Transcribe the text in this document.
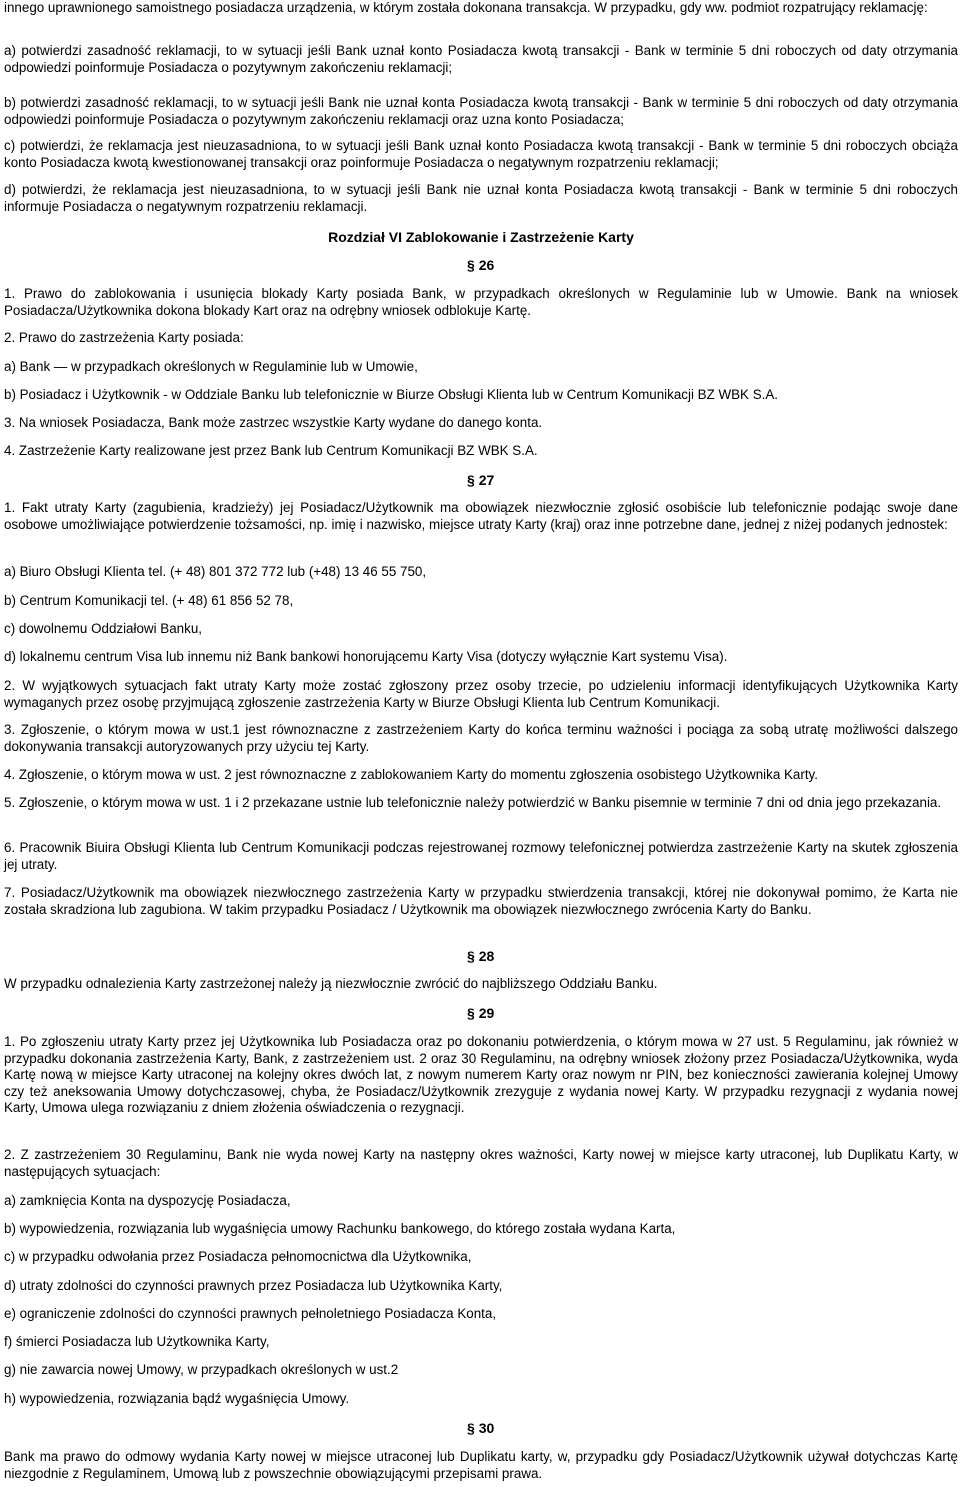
innego uprawnionego samoistnego posiadacza urządzenia, w którym została dokonana transakcja. W przypadku, gdy ww. podmiot rozpatrujący reklamację:

a) potwierdzi zasadność reklamacji, to w sytuacji jeśli Bank uznał konto Posiadacza kwotą transakcji - Bank w terminie 5 dni roboczych od daty otrzymania odpowiedzi poinformuje Posiadacza o pozytywnym zakończeniu reklamacji;

b) potwierdzi zasadność reklamacji, to w sytuacji jeśli Bank nie uznał konta Posiadacza kwotą transakcji - Bank w terminie 5 dni roboczych od daty otrzymania odpowiedzi poinformuje Posiadacza o pozytywnym zakończeniu reklamacji oraz uzna konto Posiadacza;

c) potwierdzi, że reklamacja jest nieuzasadniona, to w sytuacji jeśli Bank uznał konto Posiadacza kwotą transakcji - Bank w terminie 5 dni roboczych obciąża konto Posiadacza kwotą kwestionowanej transakcji oraz poinformuje Posiadacza o negatywnym rozpatrzeniu reklamacji;

d) potwierdzi, że reklamacja jest nieuzasadniona, to w sytuacji jeśli Bank nie uznał konta Posiadacza kwotą transakcji - Bank w terminie 5 dni roboczych informuje Posiadacza o negatywnym rozpatrzeniu reklamacji.

Rozdział VI Zablokowanie i Zastrzeżenie Karty
§ 26

1. Prawo do zablokowania i usunięcia blokady Karty posiada Bank, w przypadkach określonych w Regulaminie lub w Umowie. Bank na wniosek Posiadacza/Użytkownika dokona blokady Kart oraz na odrębny wniosek odblokuje Kartę.

2. Prawo do zastrzeżenia Karty posiada:

a) Bank — w przypadkach określonych w Regulaminie lub w Umowie,

b) Posiadacz i Użytkownik - w Oddziale Banku lub telefonicznie w Biurze Obsługi Klienta lub w Centrum Komunikacji BZ WBK S.A.

3. Na wniosek Posiadacza, Bank może zastrzec wszystkie Karty wydane do danego konta.

4. Zastrzeżenie Karty realizowane jest przez Bank lub Centrum Komunikacji BZ WBK S.A.

§ 27

1. Fakt utraty Karty (zagubienia, kradzieży) jej Posiadacz/Użytkownik ma obowiązek niezwłocznie zgłosić osobiście lub telefonicznie podając swoje dane osobowe umożliwiające potwierdzenie tożsamości, np. imię i nazwisko, miejsce utraty Karty (kraj) oraz inne potrzebne dane, jednej z niżej podanych jednostek:

a) Biuro Obsługi Klienta tel. (+ 48) 801 372 772 lub (+48) 13 46 55 750,

b) Centrum Komunikacji tel. (+ 48) 61 856 52 78,

c) dowolnemu Oddziałowi Banku,

d) lokalnemu centrum Visa lub innemu niż Bank bankowi honorującemu Karty Visa (dotyczy wyłącznie Kart systemu Visa).

2. W wyjątkowych sytuacjach fakt utraty Karty może zostać zgłoszony przez osoby trzecie, po udzieleniu informacji identyfikujących Użytkownika Karty wymaganych przez osobę przyjmującą zgłoszenie zastrzeżenia Karty w Biurze Obsługi Klienta lub Centrum Komunikacji.

3. Zgłoszenie, o którym mowa w ust.1 jest równoznaczne z zastrzeżeniem Karty do końca terminu ważności i pociąga za sobą utratę możliwości dalszego dokonywania transakcji autoryzowanych przy użyciu tej Karty.

4. Zgłoszenie, o którym mowa w ust. 2 jest równoznaczne z zablokowaniem Karty do momentu zgłoszenia osobistego Użytkownika Karty.

5. Zgłoszenie, o którym mowa w ust. 1 i 2 przekazane ustnie lub telefonicznie należy potwierdzić w Banku pisemnie w terminie 7 dni od dnia jego przekazania.

6. Pracownik Biuira Obsługi Klienta lub Centrum Komunikacji podczas rejestrowanej rozmowy telefonicznej potwierdza zastrzeżenie Karty na skutek zgłoszenia jej utraty.

7. Posiadacz/Użytkownik ma obowiązek niezwłocznego zastrzeżenia Karty w przypadku stwierdzenia transakcji, której nie dokonywał pomimo, że Karta nie została skradziona lub zagubiona. W takim przypadku Posiadacz / Użytkownik ma obowiązek niezwłocznego zwrócenia Karty do Banku.

§ 28

W przypadku odnalezienia Karty zastrzeżonej należy ją niezwłocznie zwrócić do najbliższego Oddziału Banku.

§ 29

1. Po zgłoszeniu utraty Karty przez jej Użytkownika lub Posiadacza oraz po dokonaniu potwierdzenia, o którym mowa w 27 ust. 5 Regulaminu, jak również w przypadku dokonania zastrzeżenia Karty, Bank, z zastrzeżeniem ust. 2 oraz 30 Regulaminu, na odrębny wniosek złożony przez Posiadacza/Użytkownika, wyda Kartę nową w miejsce Karty utraconej na kolejny okres dwóch lat, z nowym numerem Karty oraz nowym nr PIN, bez konieczności zawierania kolejnej Umowy czy też aneksowania Umowy dotychczasowej, chyba, że Posiadacz/Użytkownik zrezyguje z wydania nowej Karty. W przypadku rezygnacji z wydania nowej Karty, Umowa ulega rozwiązaniu z dniem złożenia oświadczenia o rezygnacji.

2. Z zastrzeżeniem 30 Regulaminu, Bank nie wyda nowej Karty na następny okres ważności, Karty nowej w miejsce karty utraconej, lub Duplikatu Karty, w następujących sytuacjach:

a) zamknięcia Konta na dyspozycję Posiadacza,

b) wypowiedzenia, rozwiązania lub wygaśnięcia umowy Rachunku bankowego, do którego została wydana Karta,

c) w przypadku odwołania przez Posiadacza pełnomocnictwa dla Użytkownika,

d) utraty zdolności do czynności prawnych przez Posiadacza lub Użytkownika Karty,

e) ograniczenie zdolności do czynności prawnych pełnoletniego Posiadacza Konta,

f) śmierci Posiadacza lub Użytkownika Karty,

g) nie zawarcia nowej Umowy, w przypadkach określonych w ust.2

h) wypowiedzenia, rozwiązania bądź wygaśnięcia Umowy.

§ 30

Bank ma prawo do odmowy wydania Karty nowej w miejsce utraconej lub Duplikatu karty, w, przypadku gdy Posiadacz/Użytkownik używał dotychczas Kartę niezgodnie z Regulaminem, Umową lub z powszechnie obowiązującymi przepisami prawa.
